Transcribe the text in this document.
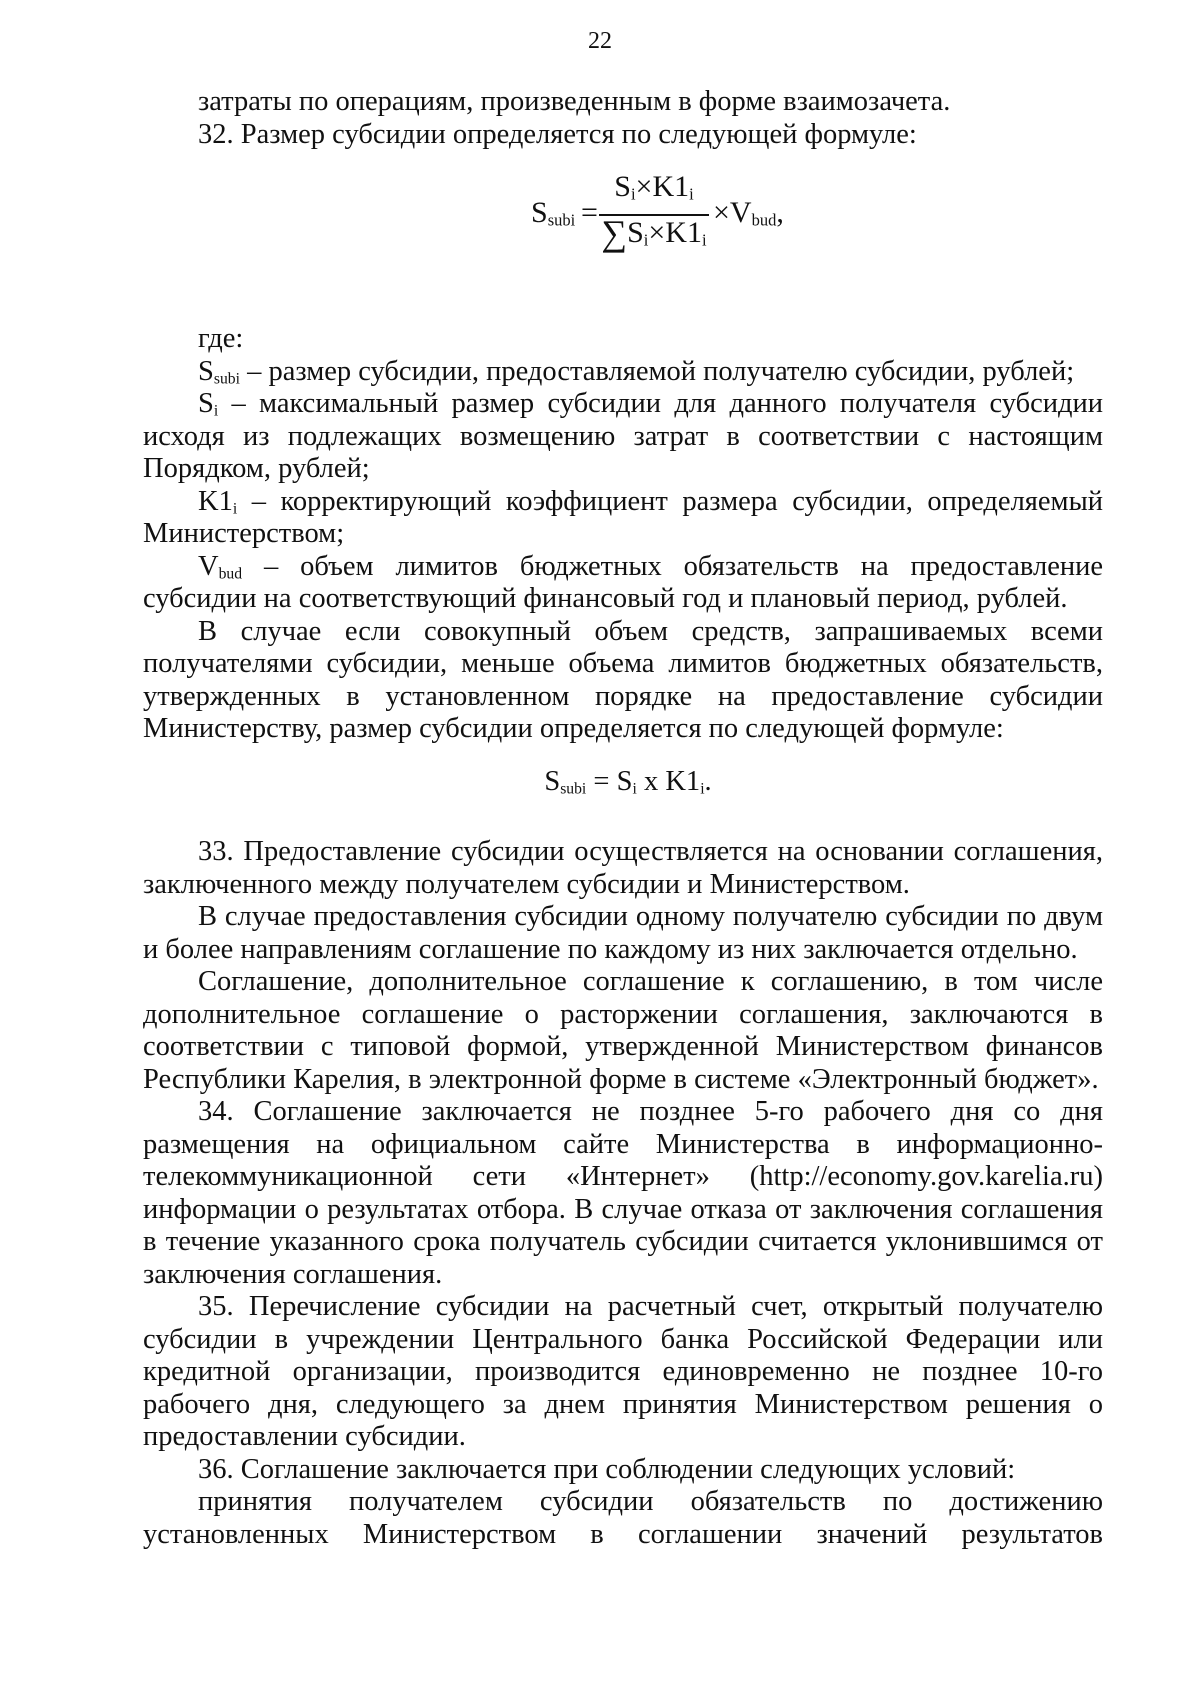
22

затраты по операциям, произведенным в форме взаимозачета.

32. Размер субсидии определяется по следующей формуле:

$S_{subi}$ =
$S_i\times K1_i$
$\sum S_i\times K1_i$
$\times V_{bud}$,

где:

$S_{subi}$ – размер субсидии, предоставляемой получателю субсидии, рублей;

$S_i$ – максимальный размер субсидии для данного получателя субсидии исходя из подлежащих возмещению затрат в соответствии с настоящим Порядком, рублей;

$K1_i$ – корректирующий коэффициент размера субсидии, определяемый Министерством;

$V_{bud}$ – объем лимитов бюджетных обязательств на предоставление субсидии на соответствующий финансовый год и плановый период, рублей.

В случае если совокупный объем средств, запрашиваемых всеми получателями субсидии, меньше объема лимитов бюджетных обязательств, утвержденных в установленном порядке на предоставление субсидии Министерству, размер субсидии определяется по следующей формуле:

$S_{subi} = S_i$ x $K1_i$.

33. Предоставление субсидии осуществляется на основании соглашения, заключенного между получателем субсидии и Министерством.

В случае предоставления субсидии одному получателю субсидии по двум и более направлениям соглашение по каждому из них заключается отдельно.

Соглашение, дополнительное соглашение к соглашению, в том числе дополнительное соглашение о расторжении соглашения, заключаются в соответствии с типовой формой, утвержденной Министерством финансов Республики Карелия, в электронной форме в системе «Электронный бюджет».

34. Соглашение заключается не позднее 5-го рабочего дня со дня размещения на официальном сайте Министерства в информационно-телекоммуникационной сети «Интернет» (http://economy.gov.karelia.ru) информации о результатах отбора. В случае отказа от заключения соглашения в течение указанного срока получатель субсидии считается уклонившимся от заключения соглашения.

35. Перечисление субсидии на расчетный счет, открытый получателю субсидии в учреждении Центрального банка Российской Федерации или кредитной организации, производится единовременно не позднее 10-го рабочего дня, следующего за днем принятия Министерством решения о предоставлении субсидии.

36. Соглашение заключается при соблюдении следующих условий:

принятия получателем субсидии обязательств по достижению установленных Министерством в соглашении значений результатов
